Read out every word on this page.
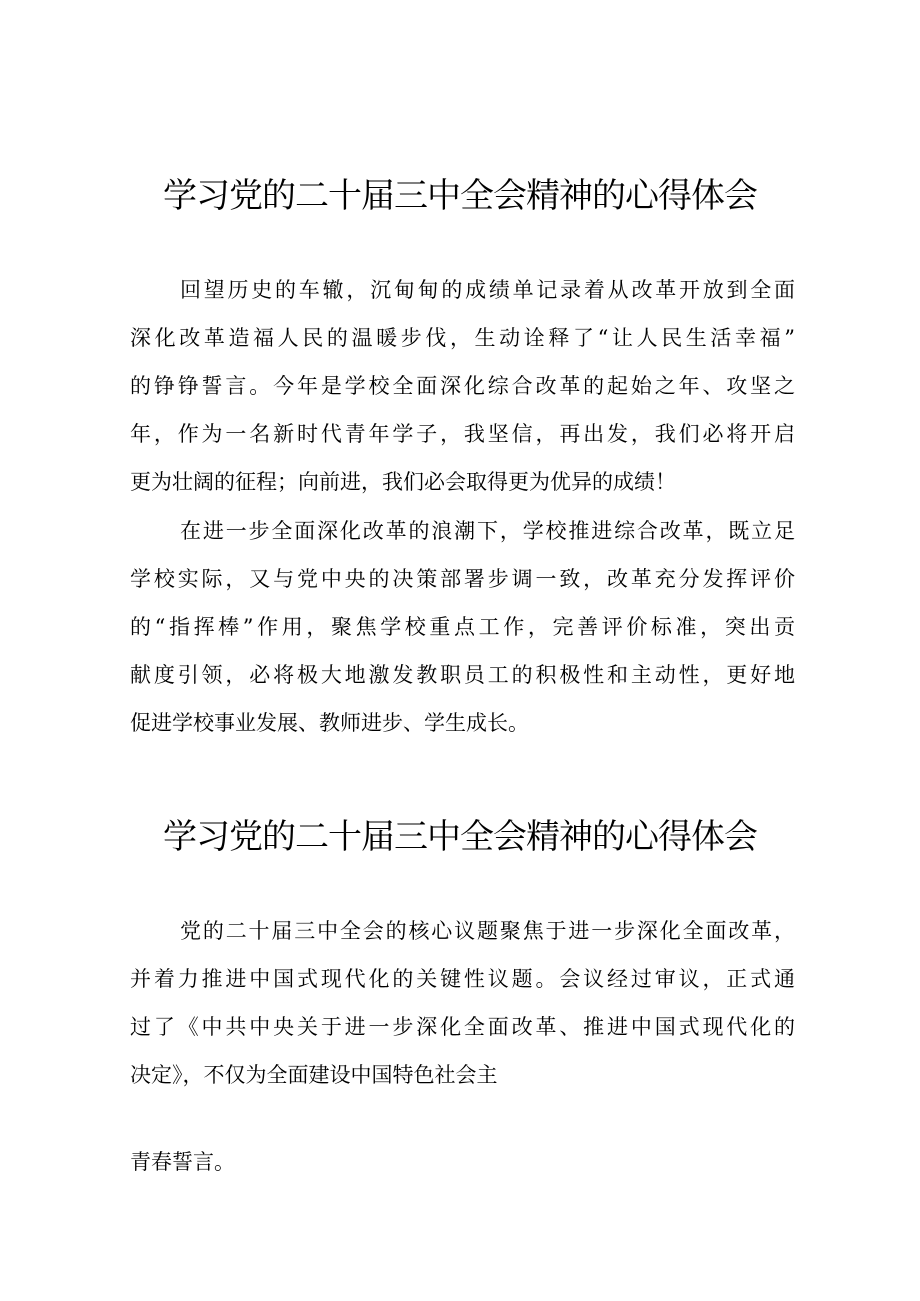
学习党的二十届三中全会精神的心得体会
回望历史的车辙，沉甸甸的成绩单记录着从改革开放到全面
深化改革造福人民的温暖步伐，生动诠释了“让人民生活幸福”
的铮铮誓言。今年是学校全面深化综合改革的起始之年、攻坚之
年，作为一名新时代青年学子，我坚信，再出发，我们必将开启
更为壮阔的征程；向前进，我们必会取得更为优异的成绩！
在进一步全面深化改革的浪潮下，学校推进综合改革，既立足
学校实际，又与党中央的决策部署步调一致，改革充分发挥评价
的“指挥棒”作用，聚焦学校重点工作，完善评价标准，突出贡
献度引领，必将极大地激发教职员工的积极性和主动性，更好地
促进学校事业发展、教师进步、学生成长。
学习党的二十届三中全会精神的心得体会
党的二十届三中全会的核心议题聚焦于进一步深化全面改革，
并着力推进中国式现代化的关键性议题。会议经过审议，正式通
过了《中共中央关于进一步深化全面改革、推进中国式现代化的
决定》，不仅为全面建设中国特色社会主
青春誓言。
